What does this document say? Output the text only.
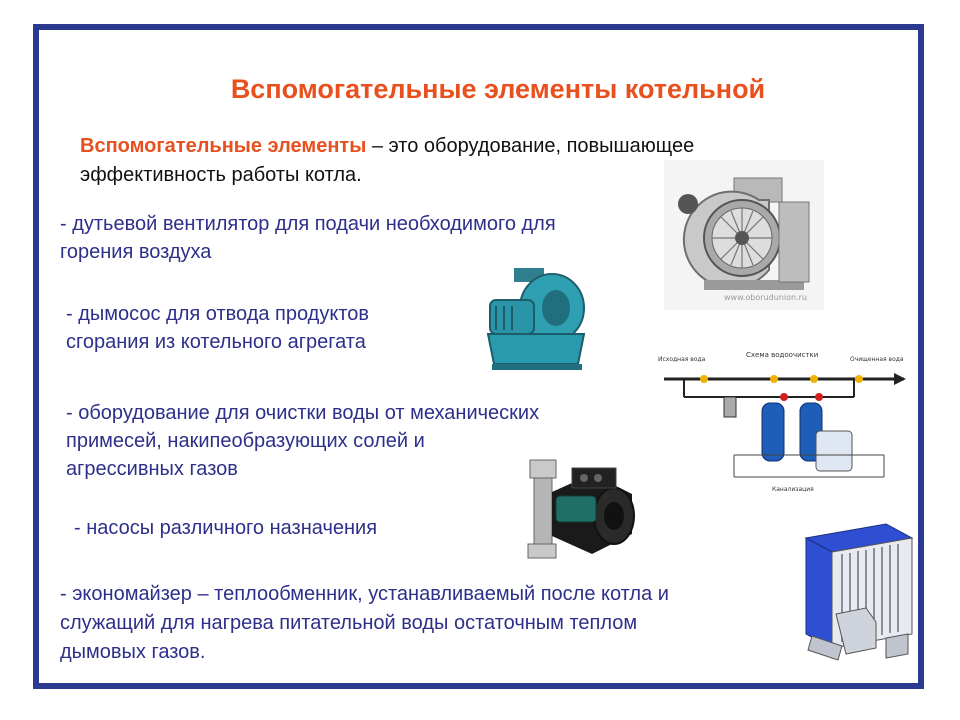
Вспомогательные элементы котельной
Вспомогательные элементы – это оборудование, повышающее
эффективность работы котла.
- дутьевой вентилятор для подачи необходимого для
горения воздуха
- дымосос для отвода продуктов
сгорания из котельного агрегата
- оборудование для очистки воды от механических
примесей, накипеобразующих солей и
агрессивных газов
- насосы различного назначения
- экономайзер – теплообменник, устанавливаемый после котла и
служащий для нагрева питательной воды остаточным теплом
дымовых газов.
www.oborudunion.ru
Схема водоочистки
Исходная вода	Очищенная вода
Канализация
